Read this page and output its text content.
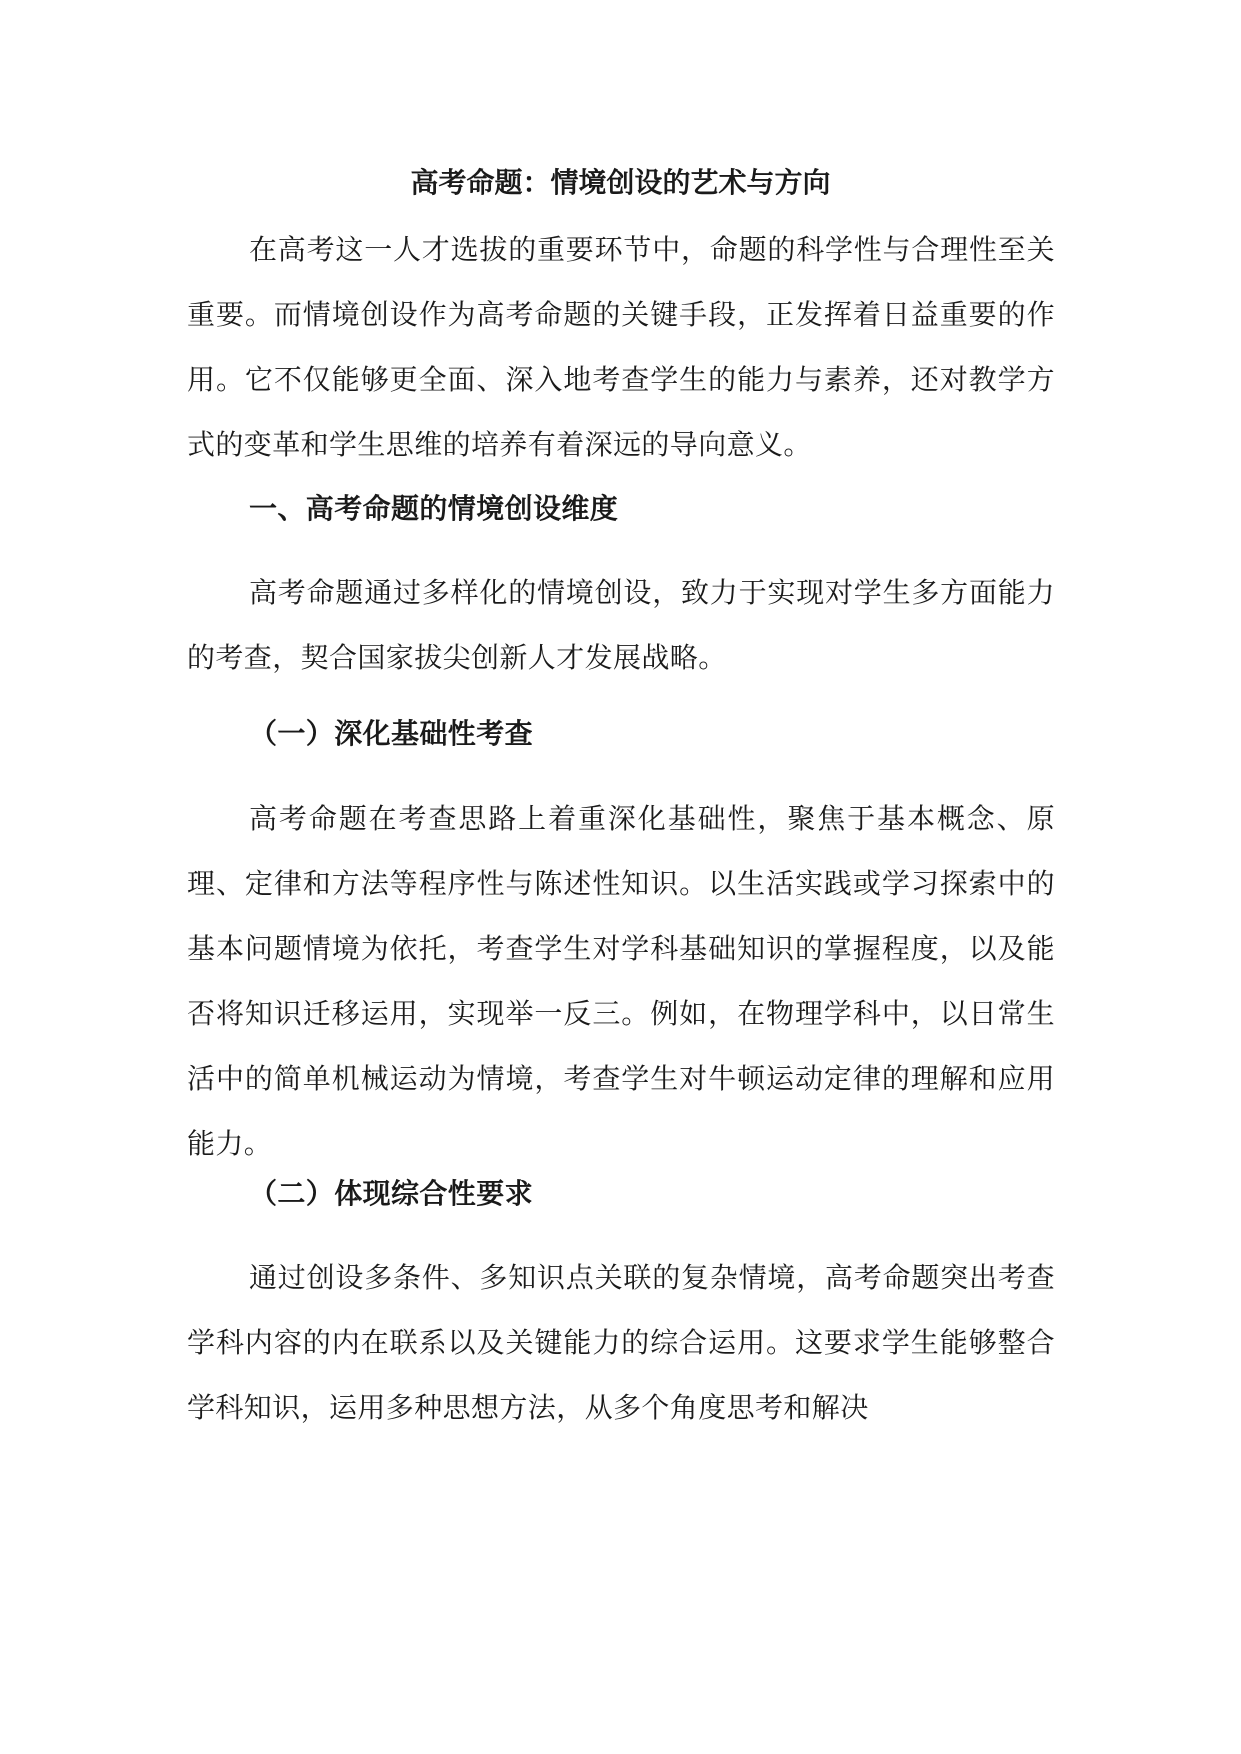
高考命题：情境创设的艺术与方向

在高考这一人才选拔的重要环节中，命题的科学性与合理性至关重要。而情境创设作为高考命题的关键手段，正发挥着日益重要的作用。它不仅能够更全面、深入地考查学生的能力与素养，还对教学方式的变革和学生思维的培养有着深远的导向意义。

一、高考命题的情境创设维度

高考命题通过多样化的情境创设，致力于实现对学生多方面能力的考查，契合国家拔尖创新人才发展战略。

（一）深化基础性考查

高考命题在考查思路上着重深化基础性，聚焦于基本概念、原理、定律和方法等程序性与陈述性知识。以生活实践或学习探索中的基本问题情境为依托，考查学生对学科基础知识的掌握程度，以及能否将知识迁移运用，实现举一反三。例如，在物理学科中，以日常生活中的简单机械运动为情境，考查学生对牛顿运动定律的理解和应用能力。

（二）体现综合性要求

通过创设多条件、多知识点关联的复杂情境，高考命题突出考查学科内容的内在联系以及关键能力的综合运用。这要求学生能够整合学科知识，运用多种思想方法，从多个角度思考和解决
